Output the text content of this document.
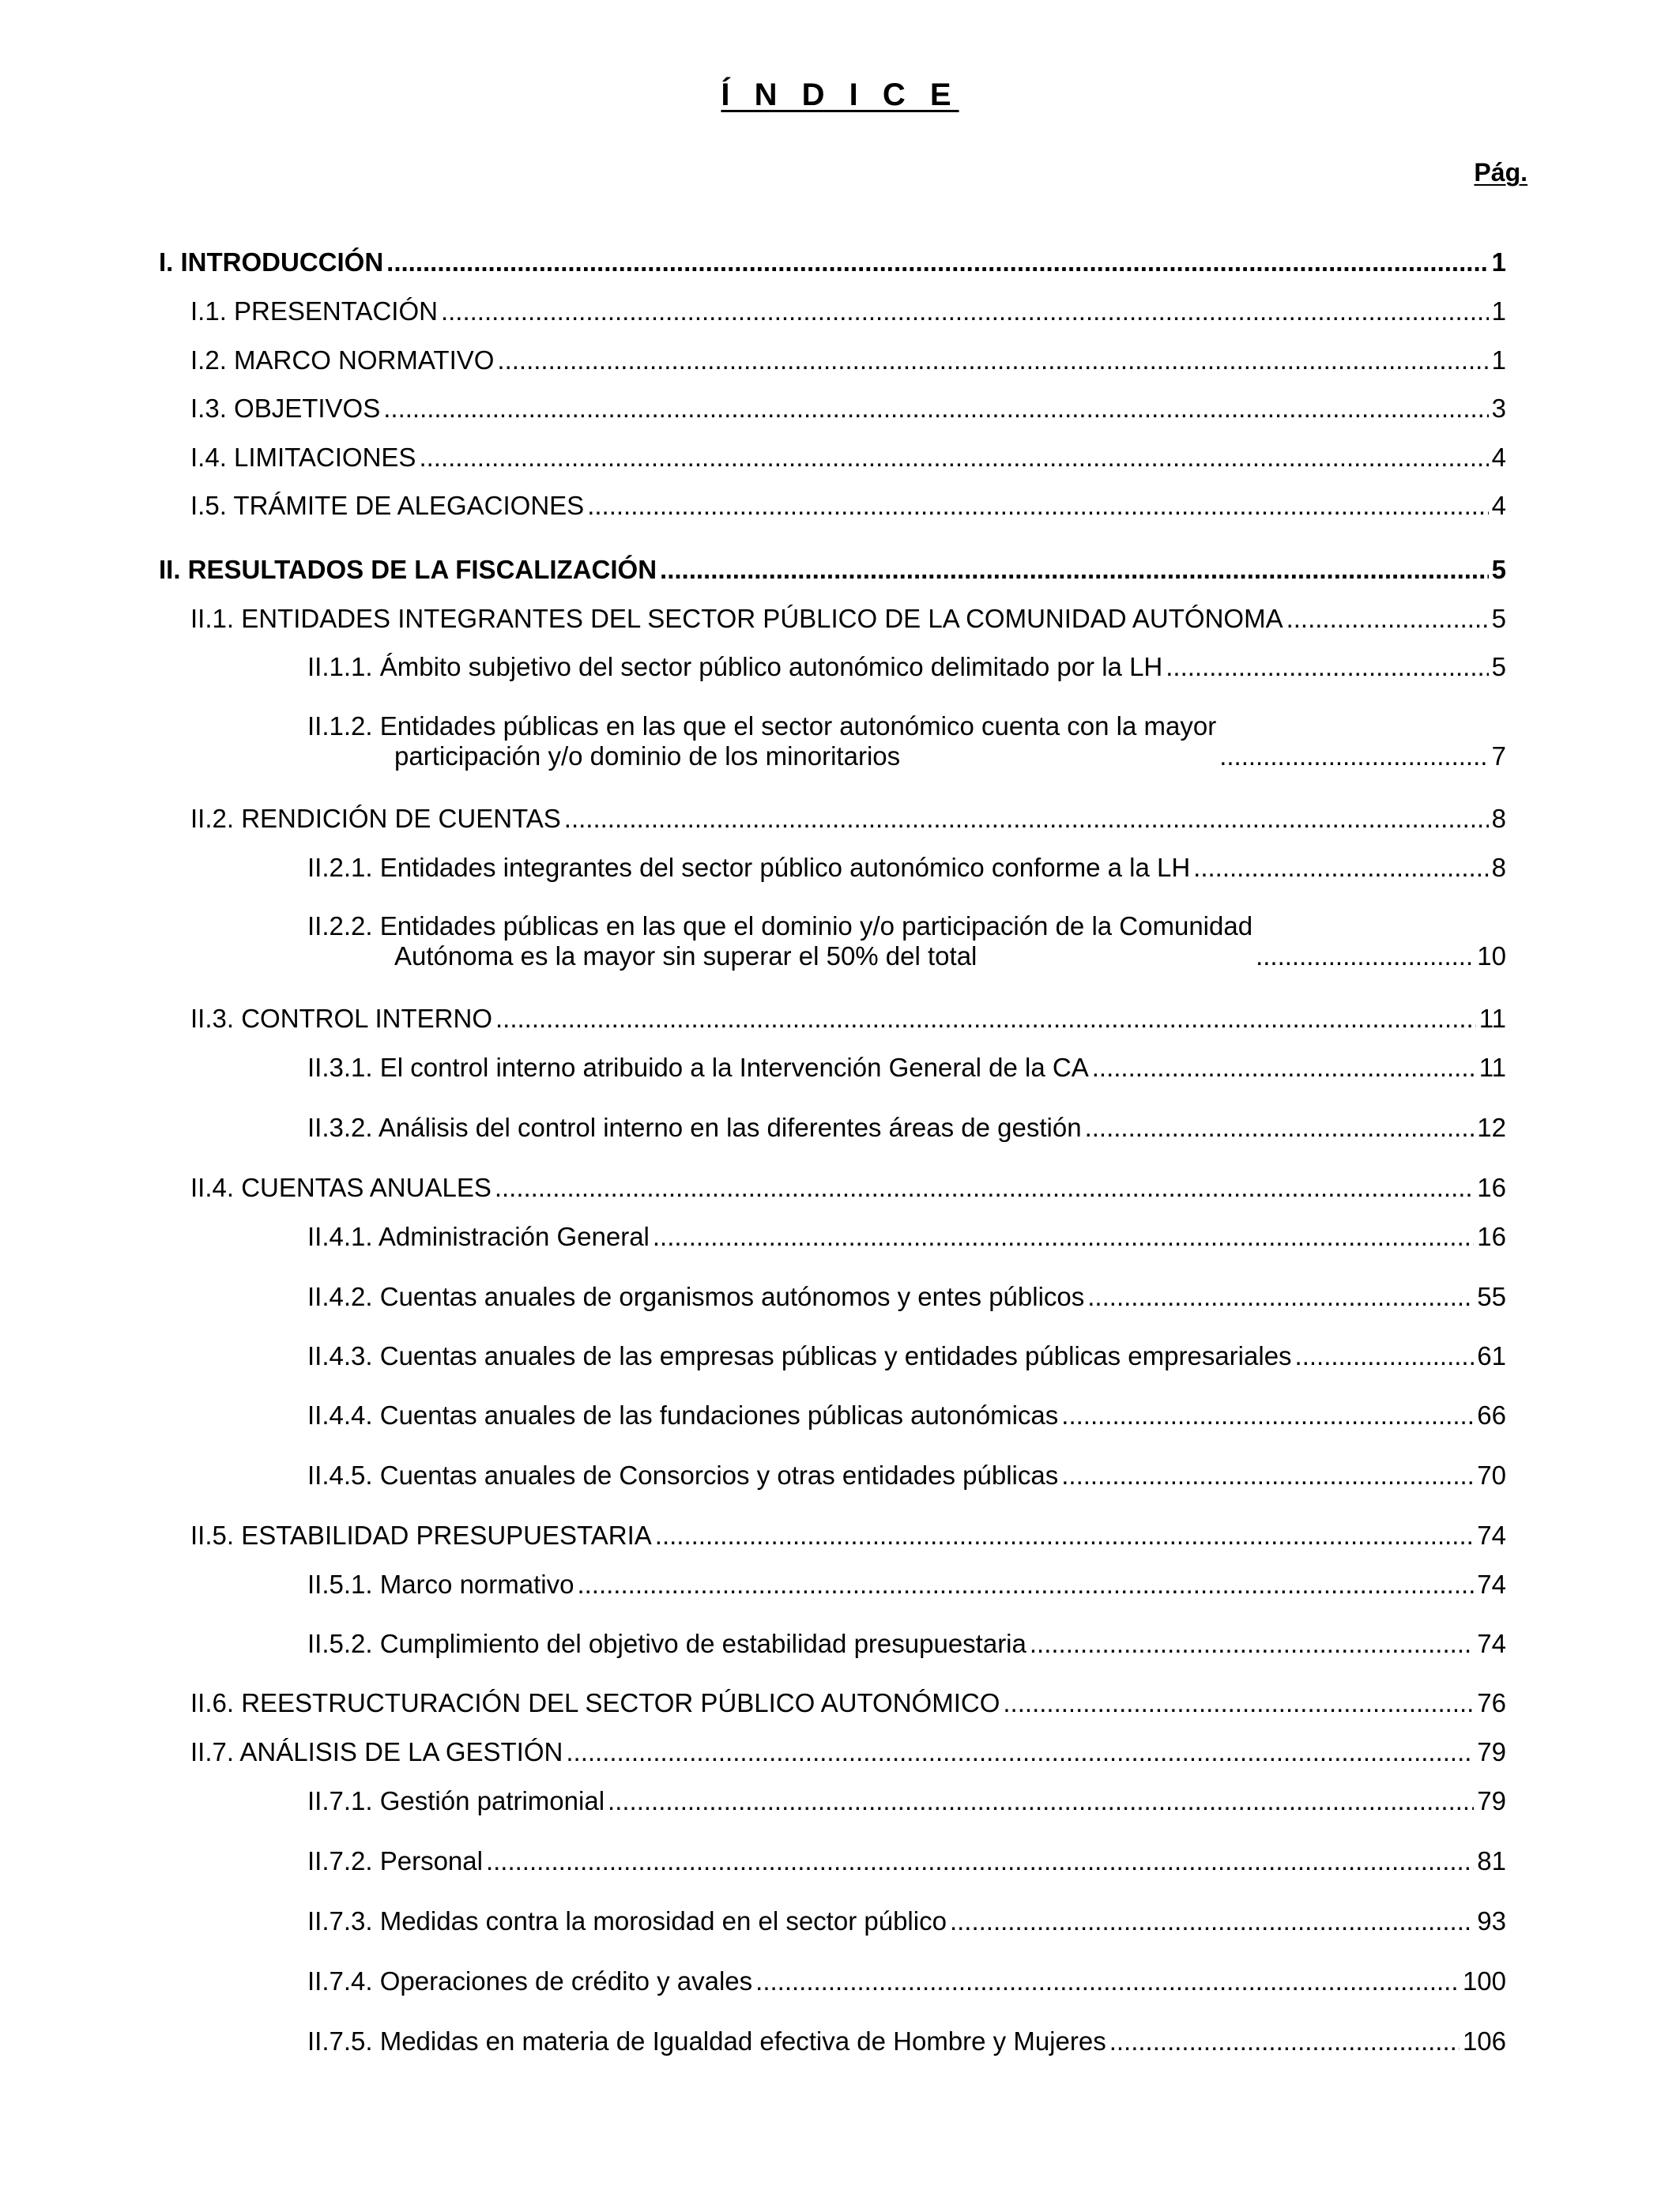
Í N D I C E
Pág.
I. INTRODUCCIÓN .....	1
I.1. PRESENTACIÓN .....	1
I.2. MARCO NORMATIVO .....	1
I.3. OBJETIVOS .....	3
I.4. LIMITACIONES .....	4
I.5. TRÁMITE DE ALEGACIONES .....	4
II. RESULTADOS DE LA FISCALIZACIÓN .....	5
II.1. ENTIDADES INTEGRANTES DEL SECTOR PÚBLICO DE LA COMUNIDAD AUTÓNOMA .....	5
II.1.1. Ámbito subjetivo del sector público autonómico delimitado por la LH .....	5
II.1.2. Entidades públicas en las que el sector autonómico cuenta con la mayor
participación y/o dominio de los minoritarios .....	7
II.2. RENDICIÓN DE CUENTAS .....	8
II.2.1. Entidades integrantes del sector público autonómico conforme a la LH .....	8
II.2.2. Entidades públicas en las que el dominio y/o participación de la Comunidad
Autónoma es la mayor sin superar el 50% del total .....	10
II.3. CONTROL INTERNO .....	11
II.3.1. El control interno atribuido a la Intervención General de la CA .....	11
II.3.2. Análisis del control interno en las diferentes áreas de gestión .....	12
II.4. CUENTAS ANUALES .....	16
II.4.1. Administración General .....	16
II.4.2. Cuentas anuales de organismos autónomos y entes públicos .....	55
II.4.3. Cuentas anuales de las empresas públicas y entidades públicas empresariales .....	61
II.4.4. Cuentas anuales de las fundaciones públicas autonómicas .....	66
II.4.5. Cuentas anuales de Consorcios y otras entidades públicas .....	70
II.5. ESTABILIDAD PRESUPUESTARIA .....	74
II.5.1. Marco normativo .....	74
II.5.2. Cumplimiento del objetivo de estabilidad presupuestaria .....	74
II.6. REESTRUCTURACIÓN DEL SECTOR PÚBLICO AUTONÓMICO .....	76
II.7. ANÁLISIS DE LA GESTIÓN .....	79
II.7.1. Gestión patrimonial .....	79
II.7.2. Personal .....	81
II.7.3. Medidas contra la morosidad en el sector público .....	93
II.7.4. Operaciones de crédito y avales .....	100
II.7.5. Medidas en materia de Igualdad efectiva de Hombre y Mujeres .....	106
